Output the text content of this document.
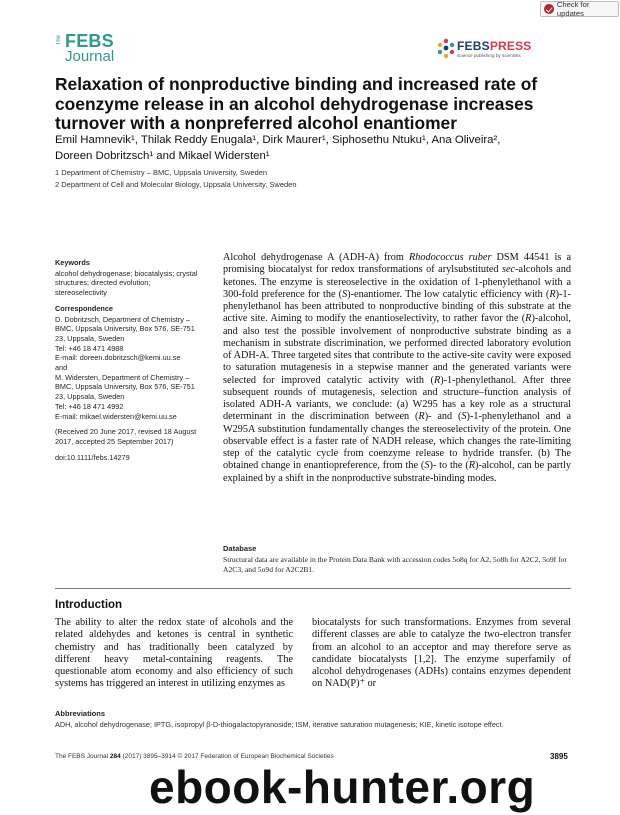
Check for updates
The FEBS
Journal
FEBSPRESS
science publishing by scientists
Relaxation of nonproductive binding and increased rate of
coenzyme release in an alcohol dehydrogenase increases
turnover with a nonpreferred alcohol enantiomer
Emil Hamnevik¹, Thilak Reddy Enugala¹, Dirk Maurer¹, Siphosethu Ntuku¹, Ana Oliveira²,
Doreen Dobritzsch¹ and Mikael Widersten¹
1 Department of Chemistry – BMC, Uppsala University, Sweden
2 Department of Cell and Molecular Biology, Uppsala University, Sweden
Keywords
alcohol dehydrogenase; biocatalysis; crystal
structures; directed evolution;
stereoselectivity
Correspondence
D. Dobritzsch, Department of Chemistry –
BMC, Uppsala University, Box 576, SE-751
23, Uppsala, Sweden
Tel: +46 18 471 4988
E-mail: doreen.dobritzsch@kemi.uu.se
and
M. Widersten, Department of Chemistry –
BMC, Uppsala University, Box 576, SE-751
23, Uppsala, Sweden
Tel: +46 18 471 4992
E-mail: mikael.widersten@kemi.uu.se
(Received 20 June 2017, revised 18 August
2017, accepted 25 September 2017)
doi:10.1111/febs.14279
Alcohol dehydrogenase A (ADH-A) from Rhodococcus ruber DSM 44541 is a promising biocatalyst for redox transformations of arylsubstituted sec-alcohols and ketones. The enzyme is stereoselective in the oxidation of 1-phenylethanol with a 300-fold preference for the (S)-enantiomer. The low catalytic efficiency with (R)-1-phenylethanol has been attributed to nonproductive binding of this substrate at the active site. Aiming to modify the enantioselectivity, to rather favor the (R)-alcohol, and also test the possible involvement of nonproductive substrate binding as a mechanism in substrate discrimination, we performed directed laboratory evolution of ADH-A. Three targeted sites that contribute to the active-site cavity were exposed to saturation mutagenesis in a stepwise manner and the generated variants were selected for improved catalytic activity with (R)-1-phenylethanol. After three subsequent rounds of mutagenesis, selection and structure–function analysis of isolated ADH-A variants, we conclude: (a) W295 has a key role as a structural determinant in the discrimination between (R)- and (S)-1-phenylethanol and a W295A substitution fundamentally changes the stereoselectivity of the protein. One observable effect is a faster rate of NADH release, which changes the rate-limiting step of the catalytic cycle from coenzyme release to hydride transfer. (b) The obtained change in enantiopreference, from the (S)- to the (R)-alcohol, can be partly explained by a shift in the nonproductive substrate-binding modes.
Database
Structural data are available in the Protein Data Bank with accession codes 5o8q for A2, 5o8h for A2C2, 5o9f for A2C3, and 5o9d for A2C2B1.
Introduction
The ability to alter the redox state of alcohols and the related aldehydes and ketones is central in synthetic chemistry and has traditionally been catalyzed by different heavy metal-containing reagents. The questionable atom economy and also efficiency of such systems has triggered an interest in utilizing enzymes as
biocatalysts for such transformations. Enzymes from several different classes are able to catalyze the two-electron transfer from an alcohol to an acceptor and may therefore serve as candidate biocatalysts [1,2]. The enzyme superfamily of alcohol dehydrogenases (ADHs) contains enzymes dependent on NAD(P)⁺ or
Abbreviations
ADH, alcohol dehydrogenase; IPTG, isopropyl β-D-thiogalactopyranoside; ISM, iterative saturation mutagenesis; KIE, kinetic isotope effect.
The FEBS Journal 284 (2017) 3895–3914 © 2017 Federation of European Biochemical Societies	3895
ebook-hunter.org
